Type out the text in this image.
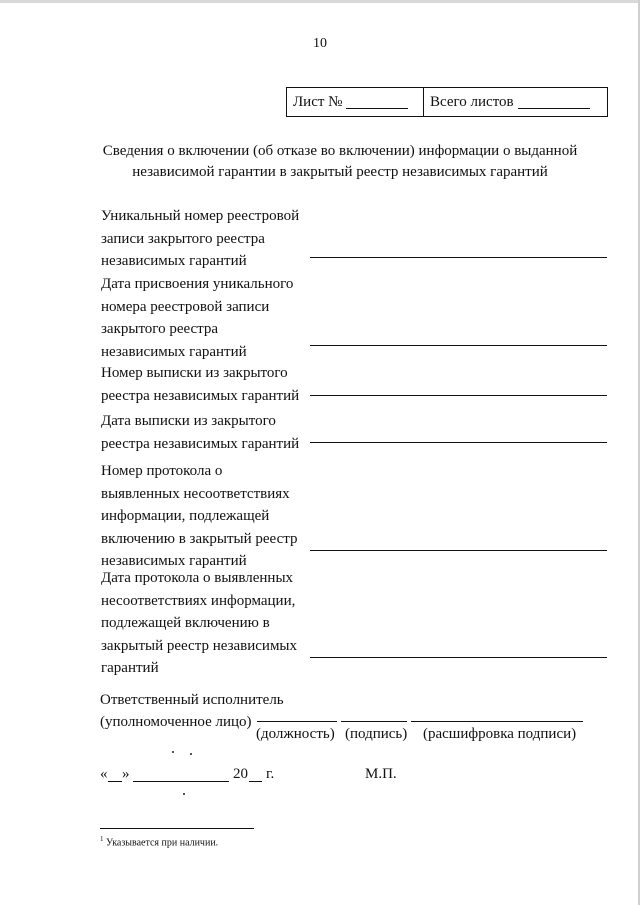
10
Лист №	Всего листов
Сведения о включении (об отказе во включении) информации о выданной
независимой гарантии в закрытый реестр независимых гарантий
Уникальный номер реестровой
записи закрытого реестра
независимых гарантий
Дата присвоения уникального
номера реестровой записи
закрытого реестра
независимых гарантий
Номер выписки из закрытого
реестра независимых гарантий
Дата выписки из закрытого
реестра независимых гарантий
Номер протокола о
выявленных несоответствиях
информации, подлежащей
включению в закрытый реестр
независимых гарантий
Дата протокола о выявленных
несоответствиях информации,
подлежащей включению в
закрытый реестр независимых
гарантий
Ответственный исполнитель
(уполномоченное лицо)
(должность) (подпись) (расшифровка подписи)
« »	20 г.	М.П.
$^1$ Указывается при наличии.
